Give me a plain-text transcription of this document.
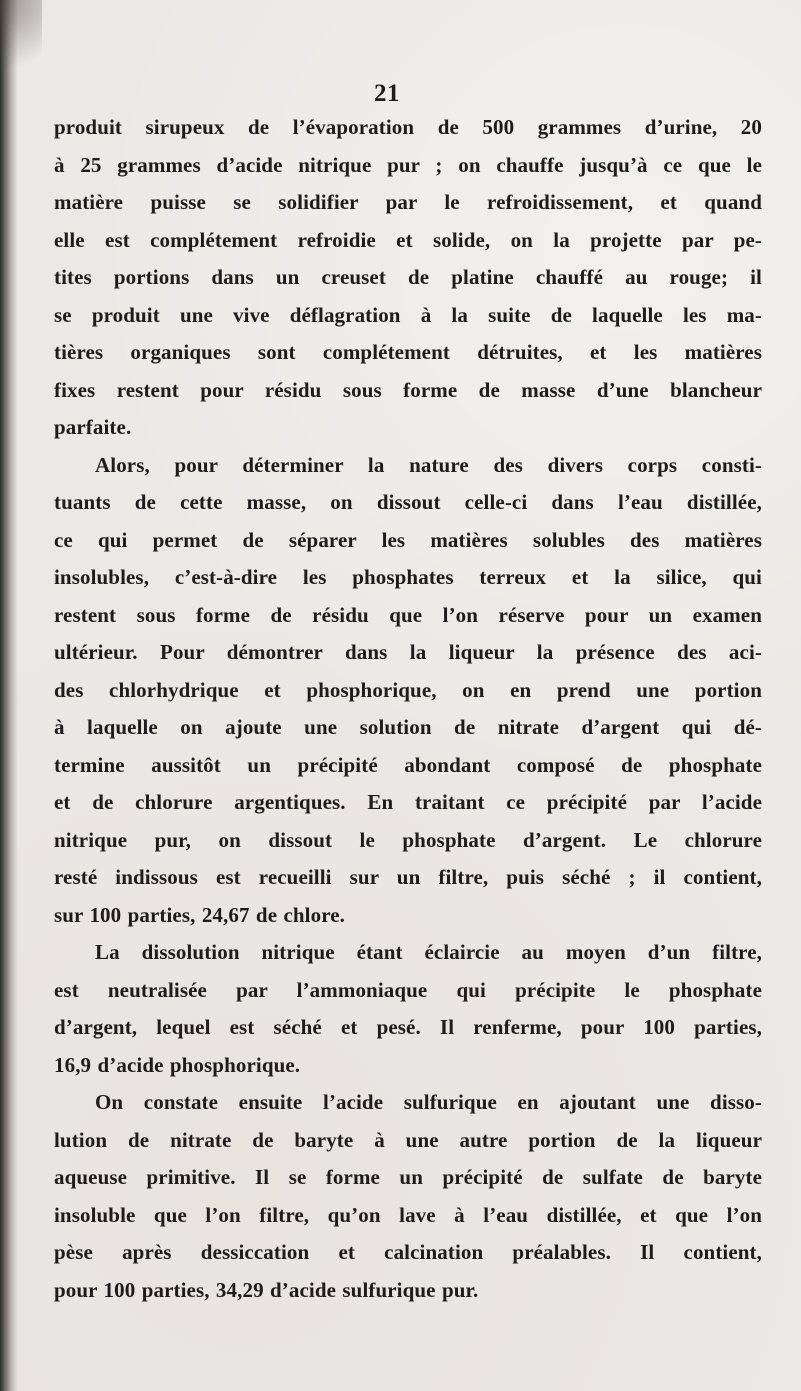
21
produit sirupeux de l’évaporation de 500 grammes d’urine, 20
à 25 grammes d’acide nitrique pur ; on chauffe jusqu’à ce que le
matière puisse se solidifier par le refroidissement, et quand
elle est complétement refroidie et solide, on la projette par pe-
tites portions dans un creuset de platine chauffé au rouge; il
se produit une vive déflagration à la suite de laquelle les ma-
tières organiques sont complétement détruites, et les matières
fixes restent pour résidu sous forme de masse d’une blancheur
parfaite.
Alors, pour déterminer la nature des divers corps consti-
tuants de cette masse, on dissout celle-ci dans l’eau distillée,
ce qui permet de séparer les matières solubles des matières
insolubles, c’est-à-dire les phosphates terreux et la silice, qui
restent sous forme de résidu que l’on réserve pour un examen
ultérieur. Pour démontrer dans la liqueur la présence des aci-
des chlorhydrique et phosphorique, on en prend une portion
à laquelle on ajoute une solution de nitrate d’argent qui dé-
termine aussitôt un précipité abondant composé de phosphate
et de chlorure argentiques. En traitant ce précipité par l’acide
nitrique pur, on dissout le phosphate d’argent. Le chlorure
resté indissous est recueilli sur un filtre, puis séché ; il contient,
sur 100 parties, 24,67 de chlore.
La dissolution nitrique étant éclaircie au moyen d’un filtre,
est neutralisée par l’ammoniaque qui précipite le phosphate
d’argent, lequel est séché et pesé. Il renferme, pour 100 parties,
16,9 d’acide phosphorique.
On constate ensuite l’acide sulfurique en ajoutant une disso-
lution de nitrate de baryte à une autre portion de la liqueur
aqueuse primitive. Il se forme un précipité de sulfate de baryte
insoluble que l’on filtre, qu’on lave à l’eau distillée, et que l’on
pèse après dessiccation et calcination préalables. Il contient,
pour 100 parties, 34,29 d’acide sulfurique pur.
